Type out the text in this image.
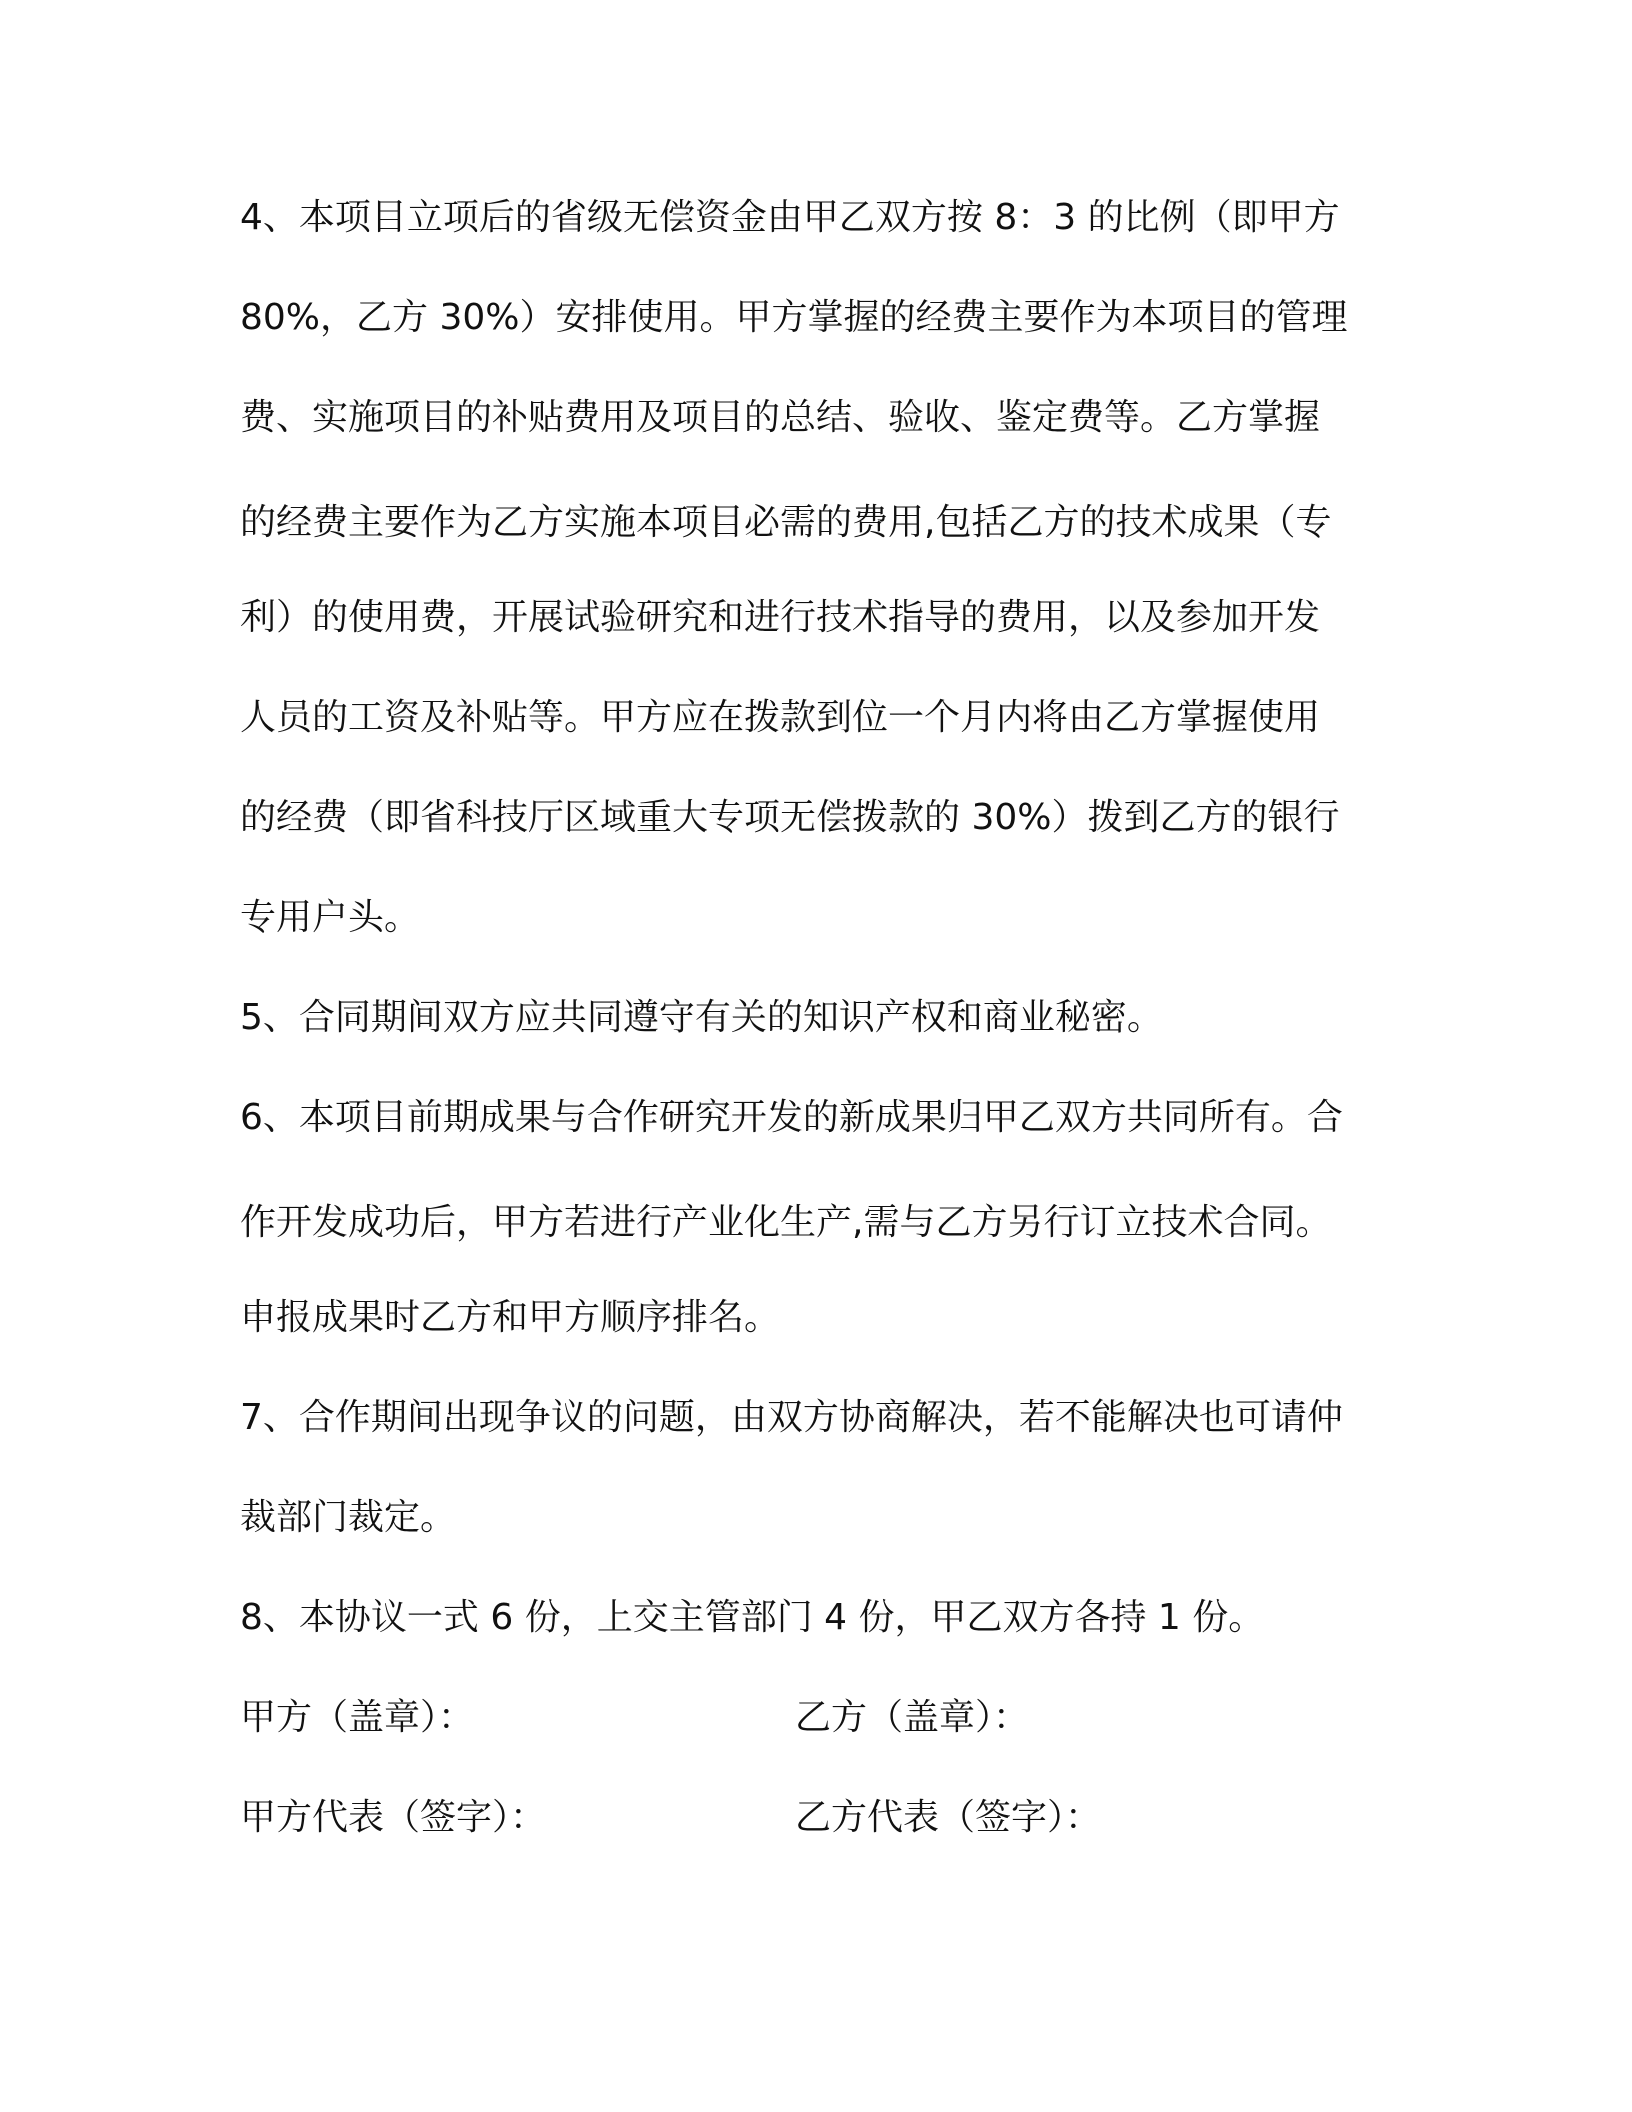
4、本项目立项后的省级无偿资金由甲乙双方按 8：3 的比例（即甲方
80%，乙方 30%）安排使用。甲方掌握的经费主要作为本项目的管理
费、实施项目的补贴费用及项目的总结、验收、鉴定费等。乙方掌握
的经费主要作为乙方实施本项目必需的费用,包括乙方的技术成果（专
利）的使用费，开展试验研究和进行技术指导的费用，以及参加开发
人员的工资及补贴等。甲方应在拨款到位一个月内将由乙方掌握使用
的经费（即省科技厅区域重大专项无偿拨款的 30%）拨到乙方的银行
专用户头。
5、合同期间双方应共同遵守有关的知识产权和商业秘密。
6、本项目前期成果与合作研究开发的新成果归甲乙双方共同所有。合
作开发成功后，甲方若进行产业化生产,需与乙方另行订立技术合同。
申报成果时乙方和甲方顺序排名。
7、合作期间出现争议的问题，由双方协商解决，若不能解决也可请仲
裁部门裁定。
8、本协议一式 6 份，上交主管部门 4 份，甲乙双方各持 1 份。
甲方（盖章）：	乙方（盖章）：
甲方代表（签字）：	乙方代表（签字）：
